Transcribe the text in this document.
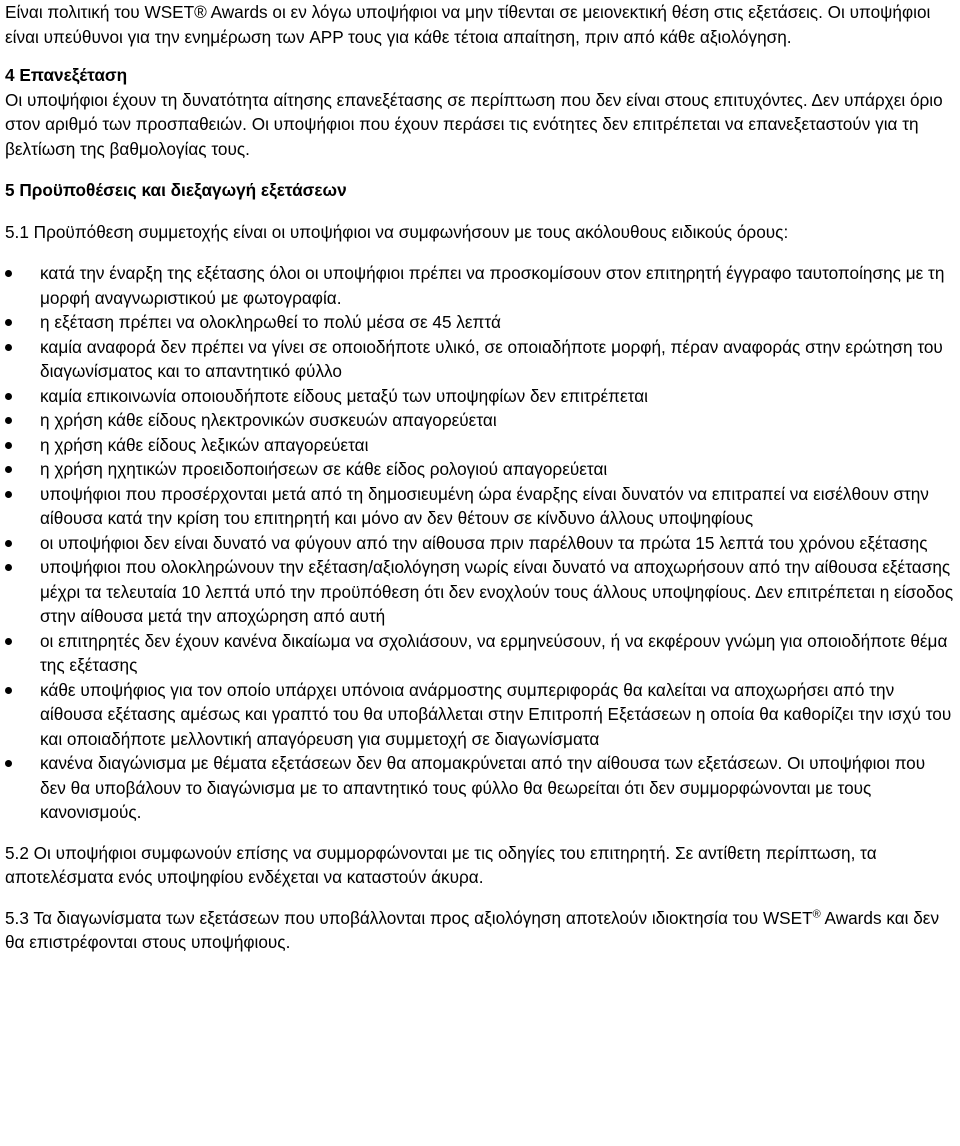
Είναι πολιτική του WSET® Awards οι εν λόγω υποψήφιοι να μην τίθενται σε μειονεκτική θέση στις εξετάσεις. Οι υποψήφιοι είναι υπεύθυνοι για την ενημέρωση των APP τους για κάθε τέτοια απαίτηση, πριν από κάθε αξιολόγηση.

4 Επανεξέταση

Οι υποψήφιοι έχουν τη δυνατότητα αίτησης επανεξέτασης σε περίπτωση που δεν είναι στους επιτυχόντες. Δεν υπάρχει όριο στον αριθμό των προσπαθειών. Οι υποψήφιοι που έχουν περάσει τις ενότητες δεν επιτρέπεται να επανεξεταστούν για τη βελτίωση της βαθμολογίας τους.

5 Προϋποθέσεις και διεξαγωγή εξετάσεων

5.1 Προϋπόθεση συμμετοχής είναι οι υποψήφιοι να συμφωνήσουν με τους ακόλουθους ειδικούς όρους:

κατά την έναρξη της εξέτασης όλοι οι υποψήφιοι πρέπει να προσκομίσουν στον επιτηρητή έγγραφο ταυτοποίησης με τη μορφή αναγνωριστικού με φωτογραφία.
η εξέταση πρέπει να ολοκληρωθεί το πολύ μέσα σε 45 λεπτά
καμία αναφορά δεν πρέπει να γίνει σε οποιοδήποτε υλικό, σε οποιαδήποτε μορφή, πέραν αναφοράς στην ερώτηση του διαγωνίσματος και το απαντητικό φύλλο
καμία επικοινωνία οποιουδήποτε είδους μεταξύ των υποψηφίων δεν επιτρέπεται
η χρήση κάθε είδους ηλεκτρονικών συσκευών απαγορεύεται
η χρήση κάθε είδους λεξικών απαγορεύεται
η χρήση ηχητικών προειδοποιήσεων σε κάθε είδος ρολογιού απαγορεύεται
υποψήφιοι που προσέρχονται μετά από τη δημοσιευμένη ώρα έναρξης είναι δυνατόν να επιτραπεί να εισέλθουν στην αίθουσα κατά την κρίση του επιτηρητή και μόνο αν δεν θέτουν σε κίνδυνο άλλους υποψηφίους
οι υποψήφιοι δεν είναι δυνατό να φύγουν από την αίθουσα πριν παρέλθουν τα πρώτα 15 λεπτά του χρόνου εξέτασης
υποψήφιοι που ολοκληρώνουν την εξέταση/αξιολόγηση νωρίς είναι δυνατό να αποχωρήσουν από την αίθουσα εξέτασης μέχρι τα τελευταία 10 λεπτά υπό την προϋπόθεση ότι δεν ενοχλούν τους άλλους υποψηφίους. Δεν επιτρέπεται η είσοδος στην αίθουσα μετά την αποχώρηση από αυτή
οι επιτηρητές δεν έχουν κανένα δικαίωμα να σχολιάσουν, να ερμηνεύσουν, ή να εκφέρουν γνώμη για οποιοδήποτε θέμα της εξέτασης
κάθε υποψήφιος για τον οποίο υπάρχει υπόνοια ανάρμοστης συμπεριφοράς θα καλείται να αποχωρήσει από την αίθουσα εξέτασης αμέσως και γραπτό του θα υποβάλλεται στην Επιτροπή Εξετάσεων η οποία θα καθορίζει την ισχύ του και οποιαδήποτε μελλοντική απαγόρευση για συμμετοχή σε διαγωνίσματα
κανένα διαγώνισμα με θέματα εξετάσεων δεν θα απομακρύνεται από την αίθουσα των εξετάσεων. Οι υποψήφιοι που δεν θα υποβάλουν το διαγώνισμα με το απαντητικό τους φύλλο θα θεωρείται ότι δεν συμμορφώνονται με τους κανονισμούς.

5.2 Οι υποψήφιοι συμφωνούν επίσης να συμμορφώνονται με τις οδηγίες του επιτηρητή. Σε αντίθετη περίπτωση, τα αποτελέσματα ενός υποψηφίου ενδέχεται να καταστούν άκυρα.

5.3 Τα διαγωνίσματα των εξετάσεων που υποβάλλονται προς αξιολόγηση αποτελούν ιδιοκτησία του WSET® Awards και δεν θα επιστρέφονται στους υποψήφιους.
